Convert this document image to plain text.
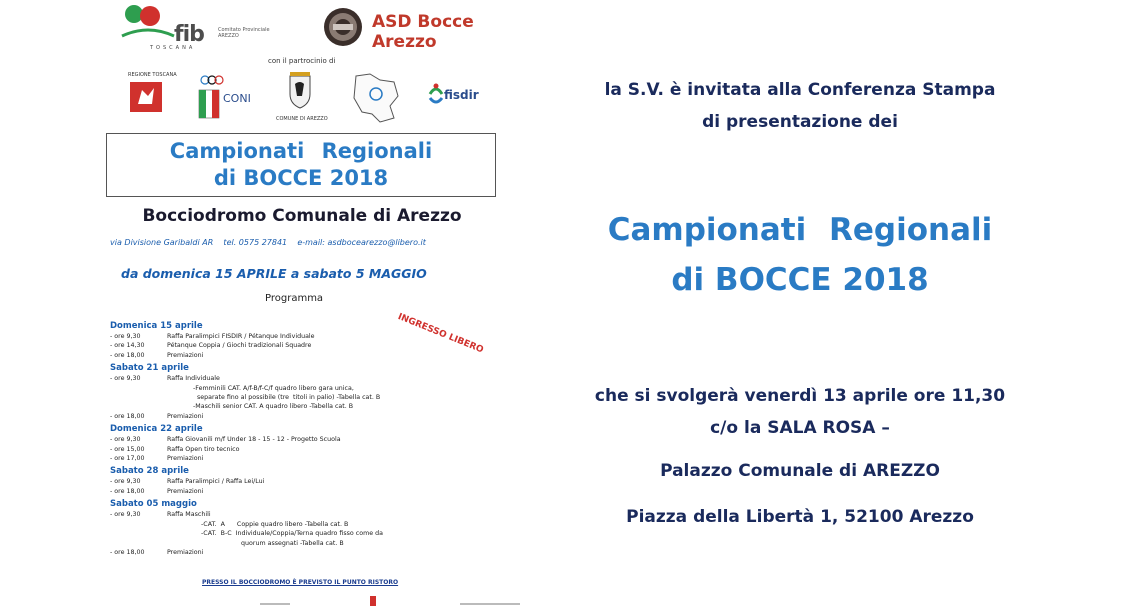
fib	Comitato Provinciale AREZZO
TOSCANA
ASD Bocce Arezzo
con il partrocinio di
REGIONE TOSCANA
CONI
COMUNE DI AREZZO
fisdir
Campionati Regionali
di BOCCE 2018
Bocciodromo Comunale di Arezzo
via Divisione Garibaldi AR    tel. 0575 27841    e-mail: asdbocearezzo@libero.it
da domenica 15 APRILE a sabato 5 MAGGIO
Programma
INGRESSO LIBERO
Domenica 15 aprile
- ore 9,30	Raffa Paralimpici FISDIR / Pétanque Individuale
- ore 14,30	Pétanque Coppia / Giochi tradizionali Squadre
- ore 18,00	Premiazioni
Sabato 21 aprile
- ore 9,30	Raffa Individuale
-Femminili CAT. A/f-B/f-C/f quadro libero gara unica,
separate fino al possibile (tre  titoli in palio) -Tabella cat. B
-Maschili senior CAT. A quadro libero -Tabella cat. B
- ore 18,00	Premiazioni
Domenica 22 aprile
- ore 9,30	Raffa Giovanili m/f Under 18 - 15 - 12 - Progetto Scuola
- ore 15,00	Raffa Open tiro tecnico
- ore 17,00	Premiazioni
Sabato 28 aprile
- ore 9,30	Raffa Paralimpici / Raffa Lei/Lui
- ore 18,00	Premiazioni
Sabato 05 maggio
- ore 9,30	Raffa Maschili
-CAT.  A      Coppie quadro libero -Tabella cat. B
-CAT.  B-C  Individuale/Coppia/Terna quadro fisso come da
quorum assegnati -Tabella cat. B
- ore 18,00	Premiazioni
PRESSO IL BOCCIODROMO È PREVISTO IL PUNTO RISTORO
la S.V. è invitata alla Conferenza Stampa
di presentazione dei
Campionati Regionali
di BOCCE 2018
che si svolgerà venerdì 13 aprile ore 11,30
c/o la SALA ROSA –
Palazzo Comunale di AREZZO
Piazza della Libertà 1, 52100 Arezzo
